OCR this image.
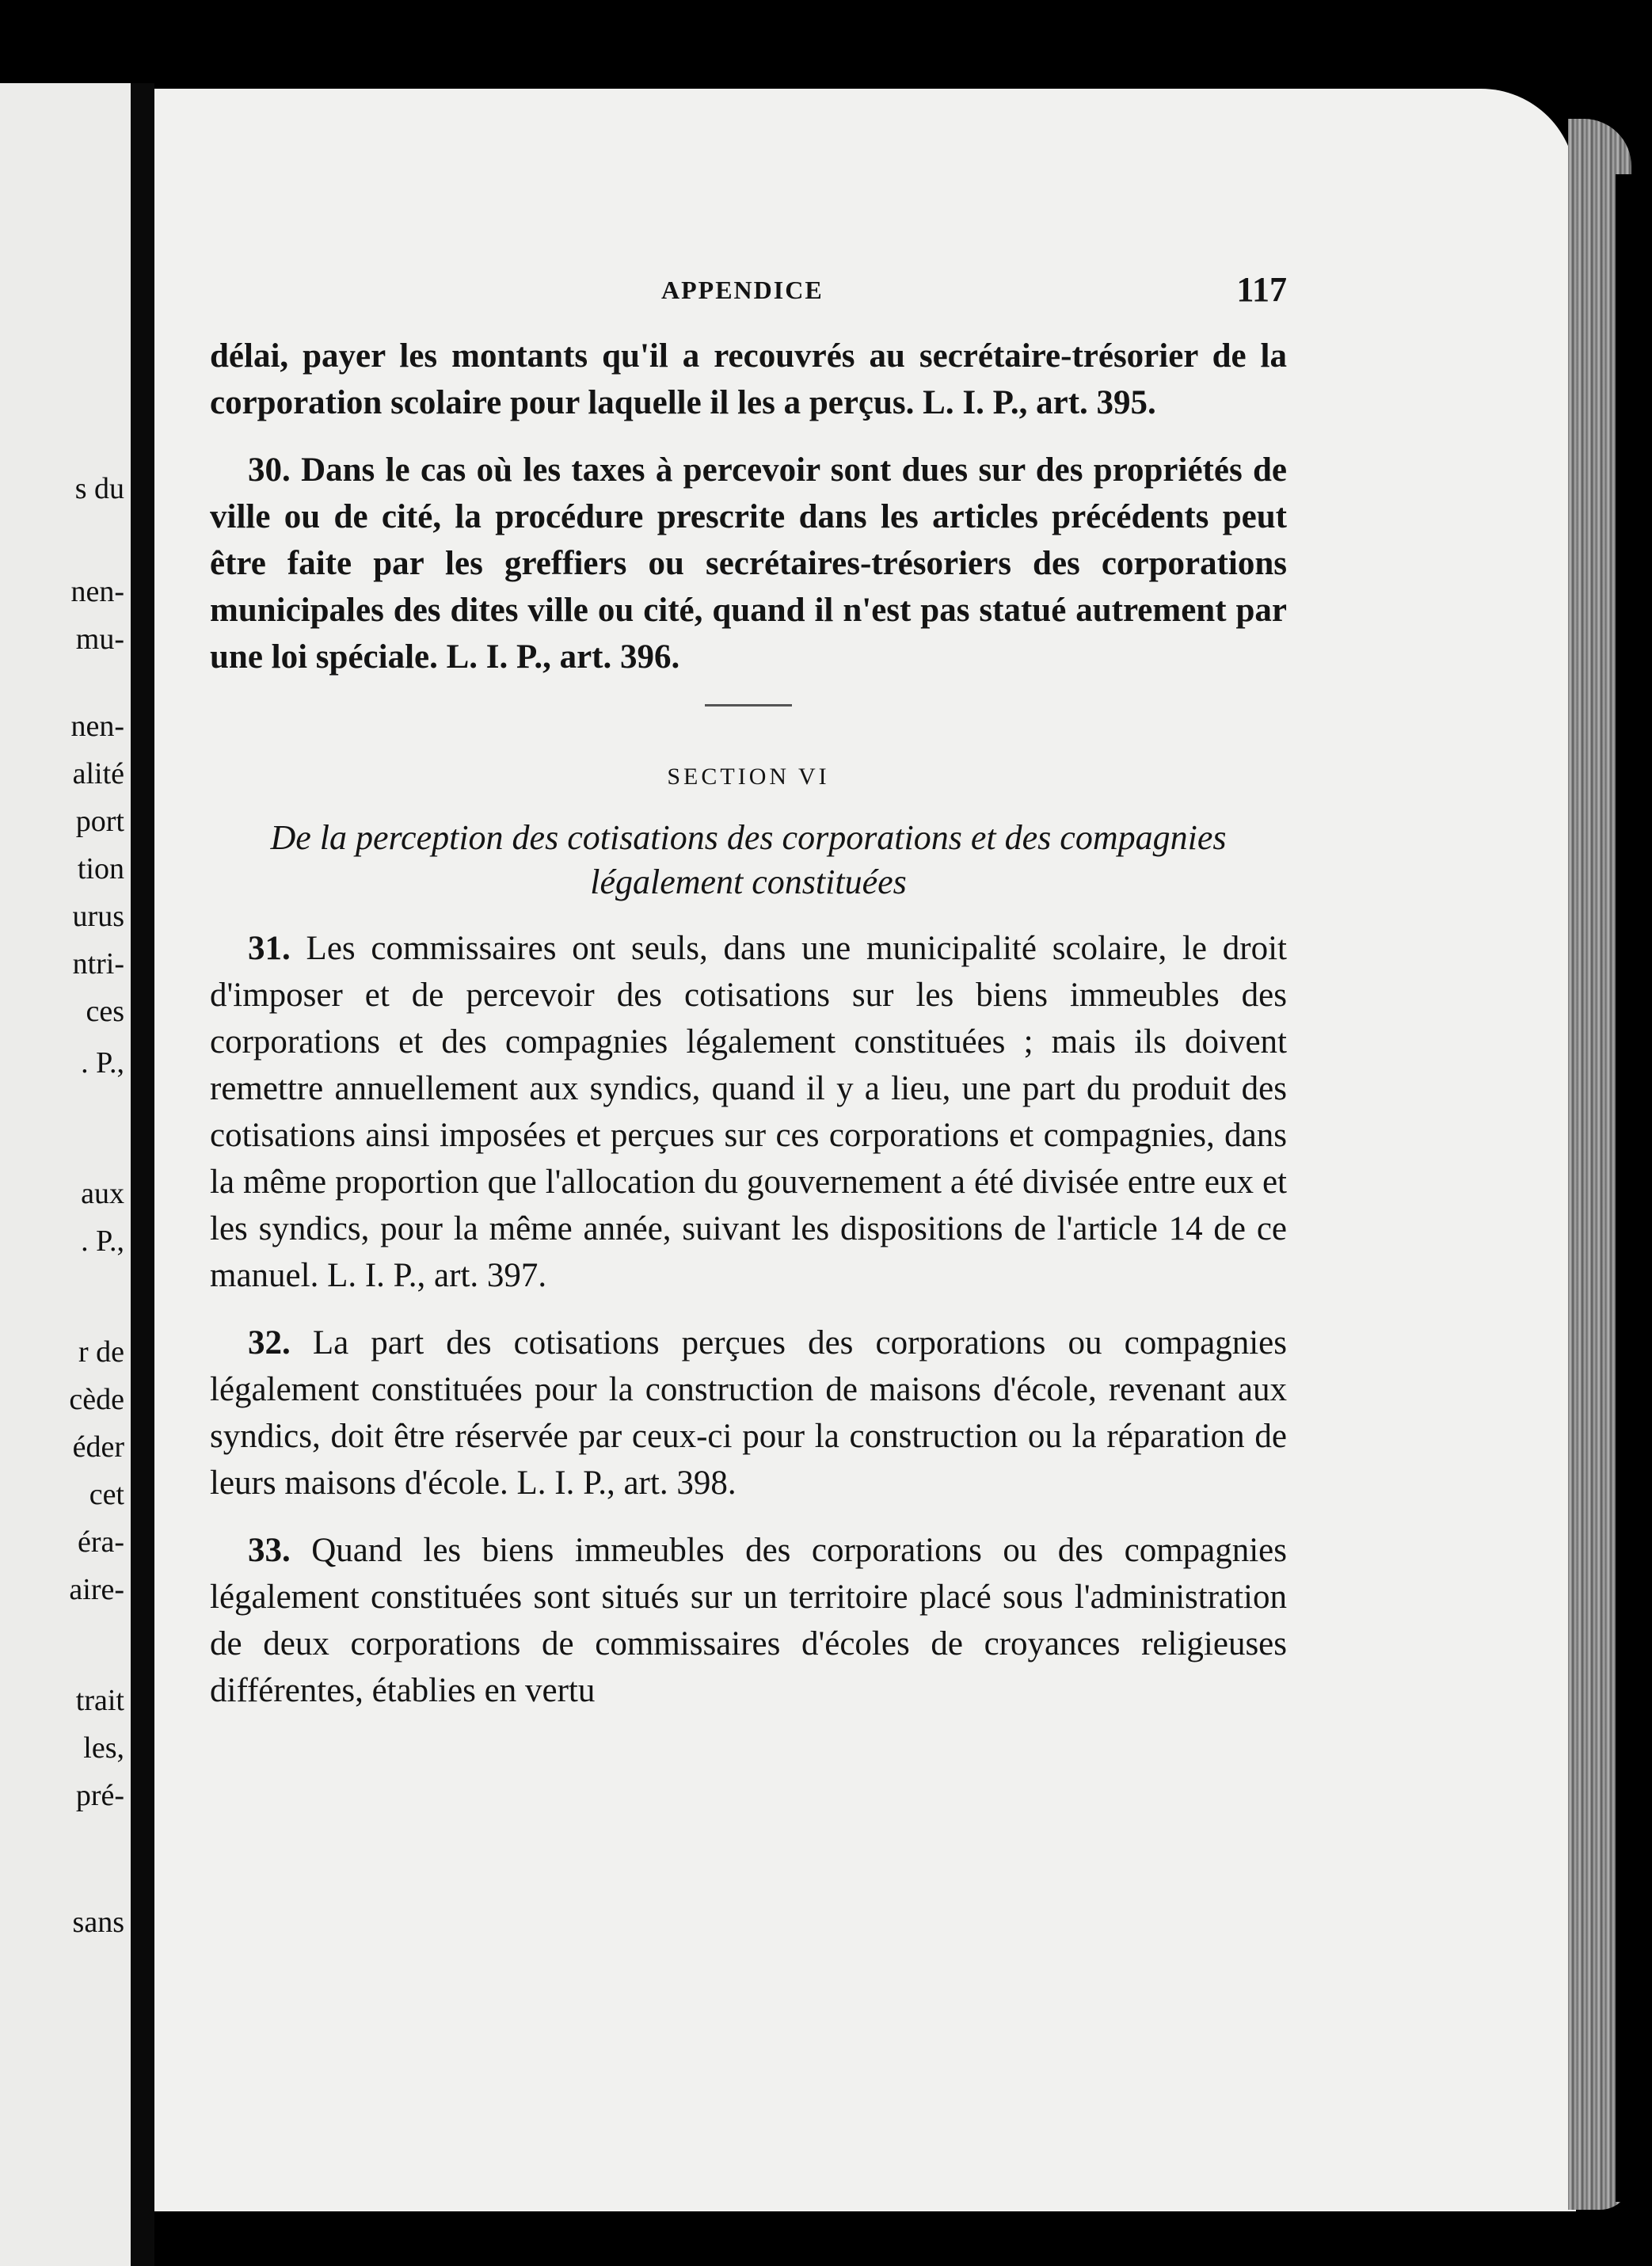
s du
nen-
mu-
nen-
alité
port
tion
urus
ntri-
ces
. P.,
aux
. P.,
r de
cède
éder
cet
éra-
aire-
trait
les,
pré-
sans
APPENDICE	117

délai, payer les montants qu'il a recouvrés au secrétaire-trésorier de la corporation scolaire pour laquelle il les a perçus. L. I. P., art. 395.

30. Dans le cas où les taxes à percevoir sont dues sur des propriétés de ville ou de cité, la procédure prescrite dans les articles précédents peut être faite par les greffiers ou secrétaires-trésoriers des corporations municipales des dites ville ou cité, quand il n'est pas statué autrement par une loi spéciale. L. I. P., art. 396.

SECTION VI
De la perception des cotisations des corporations et des compagnies légalement constituées

31. Les commissaires ont seuls, dans une municipalité scolaire, le droit d'imposer et de percevoir des cotisations sur les biens immeubles des corporations et des compagnies légalement constituées ; mais ils doivent remettre annuellement aux syndics, quand il y a lieu, une part du produit des cotisations ainsi imposées et perçues sur ces corporations et compagnies, dans la même proportion que l'allocation du gouvernement a été divisée entre eux et les syndics, pour la même année, suivant les dispositions de l'article 14 de ce manuel. L. I. P., art. 397.

32. La part des cotisations perçues des corporations ou compagnies légalement constituées pour la construction de maisons d'école, revenant aux syndics, doit être réservée par ceux-ci pour la construction ou la réparation de leurs maisons d'école. L. I. P., art. 398.

33. Quand les biens immeubles des corporations ou des compagnies légalement constituées sont situés sur un territoire placé sous l'administration de deux corporations de commissaires d'écoles de croyances religieuses différentes, établies en vertu
